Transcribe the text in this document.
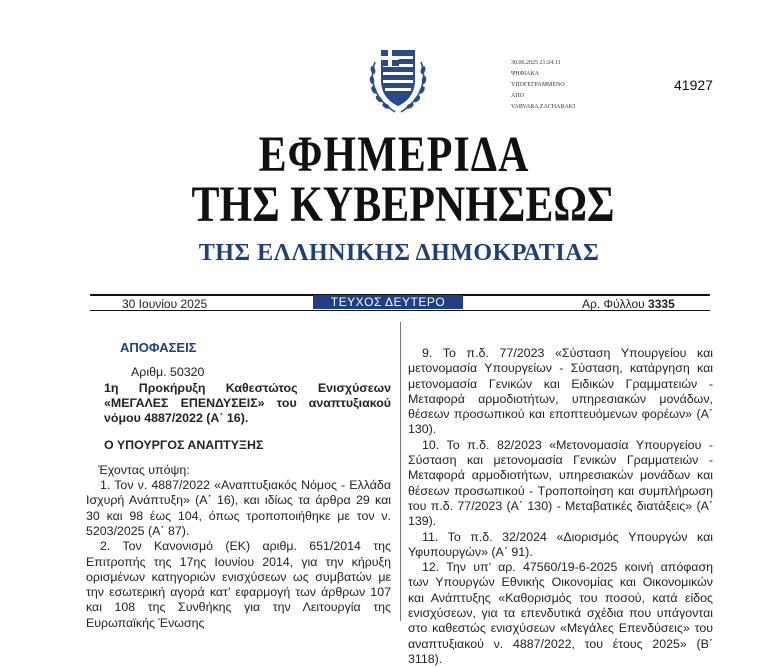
30.06.2025 21:24:11
ΨΗΦΙΑΚΑ
ΥΠΟΓΕΓΡΑΜΜΕΝΟ
ΑΠΟ
VARVARA ZACHARAKI
41927
ΕΦΗΜΕΡΙΔΑ
ΤΗΣ ΚΥΒΕΡΝΗΣΕΩΣ
ΤΗΣ ΕΛΛΗΝΙΚΗΣ ΔΗΜΟΚΡΑΤΙΑΣ
30 Ιουνίου 2025	ΤΕΥΧΟΣ ΔΕΥΤΕΡΟ	Αρ. Φύλλου 3335

ΑΠΟΦΑΣΕΙΣ

Αριθμ. 50320

1η Προκήρυξη Καθεστώτος Ενισχύσεων «ΜΕΓΑΛΕΣ ΕΠΕΝΔΥΣΕΙΣ» του αναπτυξιακού νόμου 4887/2022 (Α΄ 16).

Ο ΥΠΟΥΡΓΟΣ ΑΝΑΠΤΥΞΗΣ

Έχοντας υπόψη:

1. Τον ν. 4887/2022 «Αναπτυξιακός Νόμος - Ελλάδα Ισχυρή Ανάπτυξη» (Α΄ 16), και ιδίως τα άρθρα 29 και 30 και 98 έως 104, όπως τροποποιήθηκε με τον ν. 5203/2025 (Α΄ 87).

2. Τον Κανονισμό (ΕΚ) αριθμ. 651/2014 της Επιτροπής της 17ης Ιουνίου 2014, για την κήρυξη ορισμένων κατηγοριών ενισχύσεων ως συμβατών με την εσωτερική αγορά κατ’ εφαρμογή των άρθρων 107 και 108 της Συνθήκης για την Λειτουργία της Ευρωπαϊκής Ένωσης

9. Το π.δ. 77/2023 «Σύσταση Υπουργείου και μετονομασία Υπουργείων - Σύσταση, κατάργηση και μετονομασία Γενικών και Ειδικών Γραμματειών - Μεταφορά αρμοδιοτήτων, υπηρεσιακών μονάδων, θέσεων προσωπικού και εποπτευόμενων φορέων» (Α΄ 130).

10. Το π.δ. 82/2023 «Μετονομασία Υπουργείου - Σύσταση και μετονομασία Γενικών Γραμματειών - Μεταφορά αρμοδιοτήτων, υπηρεσιακών μονάδων και θέσεων προσωπικού - Τροποποίηση και συμπλήρωση του π.δ. 77/2023 (Α΄ 130) - Μεταβατικές διατάξεις» (Α΄ 139).

11. Το π.δ. 32/2024 «Διορισμός Υπουργών και Υφυπουργών» (Α΄ 91).

12. Την υπ’ αρ. 47560/19-6-2025 κοινή απόφαση των Υπουργών Εθνικής Οικονομίας και Οικονομικών και Ανάπτυξης «Καθορισμός του ποσού, κατά είδος ενισχύσεων, για τα επενδυτικά σχέδια που υπάγονται στο καθεστώς ενισχύσεων «Μεγάλες Επενδύσεις» του αναπτυξιακού ν. 4887/2022, του έτους 2025» (Β΄ 3118).
